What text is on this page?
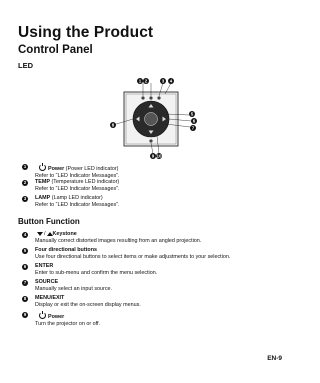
Using the Product
Control Panel
LED
1 2	3 4
5
6
7
8
9 10
1	Power (Power LED indicator)
Refer to “LED Indicator Messages”.
2	TEMP (Temperature LED indicator)
Refer to “LED Indicator Messages”.
3	LAMP (Lamp LED indicator)
Refer to “LED Indicator Messages”.
Button Function
4	/ Keystone
Manually correct distorted images resulting from an angled projection.
5	Four directional buttons
Use four directional buttons to select items or make adjustments to your selection.
6	ENTER
Enter to sub-menu and confirm the menu selection.
7	SOURCE
Manually select an input source.
8	MENU/EXIT
Display or exit the on-screen display menus.
9	Power
Turn the projector on or off.
EN-9
